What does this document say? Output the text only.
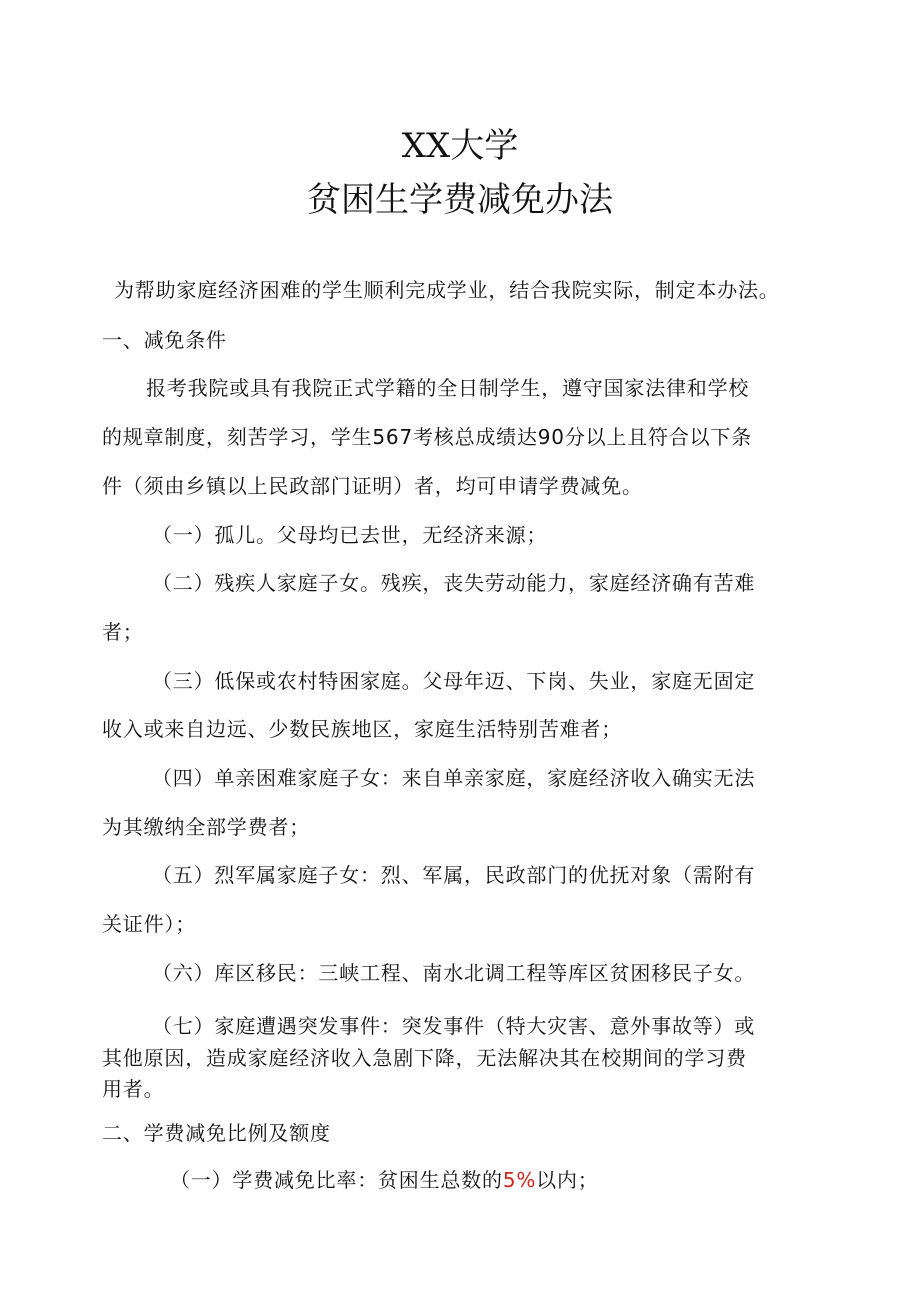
XX大学
贫困生学费减免办法
为帮助家庭经济困难的学生顺利完成学业，结合我院实际，制定本办法。
一、减免条件
报考我院或具有我院正式学籍的全日制学生，遵守国家法律和学校
的规章制度，刻苦学习，学生567考核总成绩达90分以上且符合以下条
件（须由乡镇以上民政部门证明）者，均可申请学费减免。
（一）孤儿。父母均已去世，无经济来源；
（二）残疾人家庭子女。残疾，丧失劳动能力，家庭经济确有苦难
者；
（三）低保或农村特困家庭。父母年迈、下岗、失业，家庭无固定
收入或来自边远、少数民族地区，家庭生活特别苦难者；
（四）单亲困难家庭子女：来自单亲家庭，家庭经济收入确实无法
为其缴纳全部学费者；
（五）烈军属家庭子女：烈、军属，民政部门的优抚对象（需附有
关证件）；
（六）库区移民：三峡工程、南水北调工程等库区贫困移民子女。
（七）家庭遭遇突发事件：突发事件（特大灾害、意外事故等）或
其他原因，造成家庭经济收入急剧下降，无法解决其在校期间的学习费
用者。
二、学费减免比例及额度
（一）学费减免比率：贫困生总数的5%以内；
